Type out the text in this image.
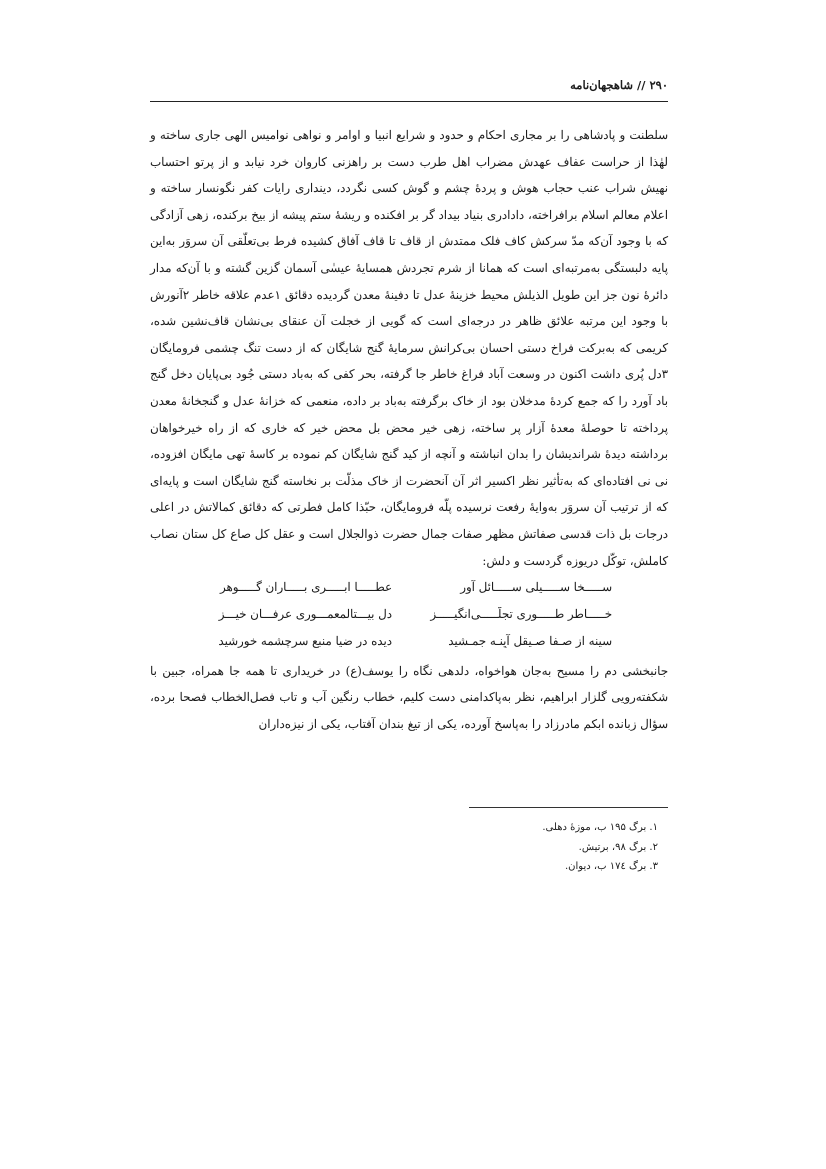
۲۹۰ // شاهجهان‌نامه

سلطنت و پادشاهی را بر مجاری احکام و حدود و شرایع انبیا و اوامر و نواهی نوامیس الهی جاری ساخته و لهٰذا از حراست عفاف عهدش مضراب اهل طرب دست بر راهزنی کاروان خرد نیابد و از پرتو احتساب نهیش شراب عنب حجاب هوش و پردهٔ چشم و گوش کسی نگردد، دینداری رایات کفر نگونسار ساخته و اعلام معالم اسلام برافراخته، دادادری بنیاد بیداد گر بر افکنده و ریشهٔ ستم پیشه از بیخ برکنده، زهی آزادگی که با وجود آن‌که مدّ سرکش کاف فلک ممتدش از قاف تا قاف آفاق کشیده فرط بی‌تعلّقی آن سروَر به‌این پایه دلبستگی به‌مرتبه‌ای است که همانا از شرم تجردش همسایهٔ عیسٰی آسمان گزین گشته و با آن‌که مدار دائرهٔ نون جز این طویل الذیلش محیط خزینهٔ عدل تا دفینهٔ معدن گردیده دقائق ۱عدم علاقه خاطر ۲آنورش با وجود این مرتبه علائق ظاهر در درجه‌ای است که گویی از خجلت آن عنقای بی‌نشان قاف‌نشین شده، کریمی که به‌برکت فراخ دستی احسان بی‌کرانش سرمایهٔ گنج شایگان که از دست تنگ چشمی فرومایگان ۳دل پُری داشت اکنون در وسعت آباد فراغ خاطر جا گرفته، بحر کفی که به‌باد دستی جُود بی‌پایان دخل گنج باد آورد را که جمع کردهٔ مدخلان بود از خاک برگرفته به‌باد بر داده، منعمی که خزانهٔ عدل و گنجخانهٔ معدن پرداخته تا حوصلهٔ معدهٔ آزار پر ساخته، زهی خیر محض بل محض خیر که خاری که از راه خیرخواهان برداشته دیدهٔ شراندیشان را بدان انباشته و آنچه از کید گنج شایگان کم نموده بر کاسهٔ تهی مایگان افزوده، نی نی افتاده‌ای که به‌تأثیر نظر اکسیر اثر آن آنحضرت از خاک مذلّت بر نخاسته گنج شایگان است و پایه‌ای که از ترتیب آن سروَر به‌وایهٔ رفعت نرسیده پلّه فرومایگان، حبّذا کامل فطرتی که دقائق کمالاتش در اعلی درجات بل ذات قدسی صفاتش مظهر صفات جمال حضرت ذوالجلال است و عقل کل صاع کل ستان نصاب کاملش، توکّل دریوزه گردست و دلش:

ســـــخا ســـــیلی ســـــائل آور
عطـــــا ابـــــری بـــــاران گـــــوهر
خـــــاطر طـــــوری تجلّـــــی‌انگیـــــز
دل بیـــتالمعمـــوری عرفـــان خیـــز
سینه از صـفا صـیقل آیِنـه جمـشید
دیده در ضیا منبع سرچشمه خورشید

جانبخشی دم را مسیح به‌جان هواخواه، دلدهی نگاه را یوسف(ع) در خریداری تا همه جا همراه، جبین با شکفته‌رویی گلزار ابراهیم، نظر به‌پاکدامنی دست کلیم، خطاب رنگین آب و تاب فصل‌الخطاب فصحا برده، سؤال زبانده ابکم مادرزاد را به‌پاسخ آورده، یکی از تیغ بندان آفتاب، یکی از نیزه‌داران

۱. برگ ۱۹۵ ب، موزهٔ دهلی.

۲. برگ ۹۸، برتیش.

۳. برگ ۱۷٤ ب، دیوان.
